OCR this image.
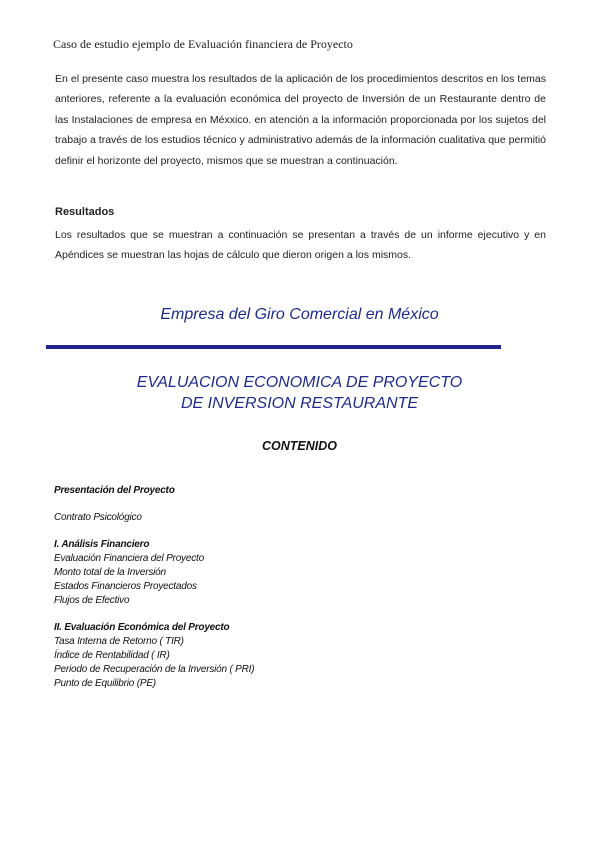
Caso de estudio ejemplo de Evaluación financiera de Proyecto
En el presente caso muestra los resultados de la aplicación de los procedimientos descritos en los temas anteriores, referente a la evaluación económica del proyecto de Inversión de un Restaurante dentro de las Instalaciones de empresa en Méxxico. en atención a la información proporcionada por los sujetos del trabajo a través de los estudios técnico y administrativo además de la información cualitativa que permitió definir el horizonte del proyecto, mismos que se muestran a continuación.
Resultados
Los resultados que se muestran a continuación se presentan a través de un informe ejecutivo y en Apéndices se muestran las hojas de cálculo que dieron origen a los mismos.
Empresa del Giro Comercial en México
EVALUACION ECONOMICA DE PROYECTO
DE INVERSION RESTAURANTE
CONTENIDO
Presentación del Proyecto
Contrato Psicológico
I. Análisis Financiero
Evaluación Financiera del Proyecto
Monto total de la Inversión
Estados Financieros Proyectados
Flujos de Efectivo
II. Evaluación Económica del Proyecto
Tasa Interna de Retorno ( TIR)
Índice de Rentabilidad ( IR)
Periodo de Recuperación de la Inversión ( PRI)
Punto de Equilibrio (PE)
